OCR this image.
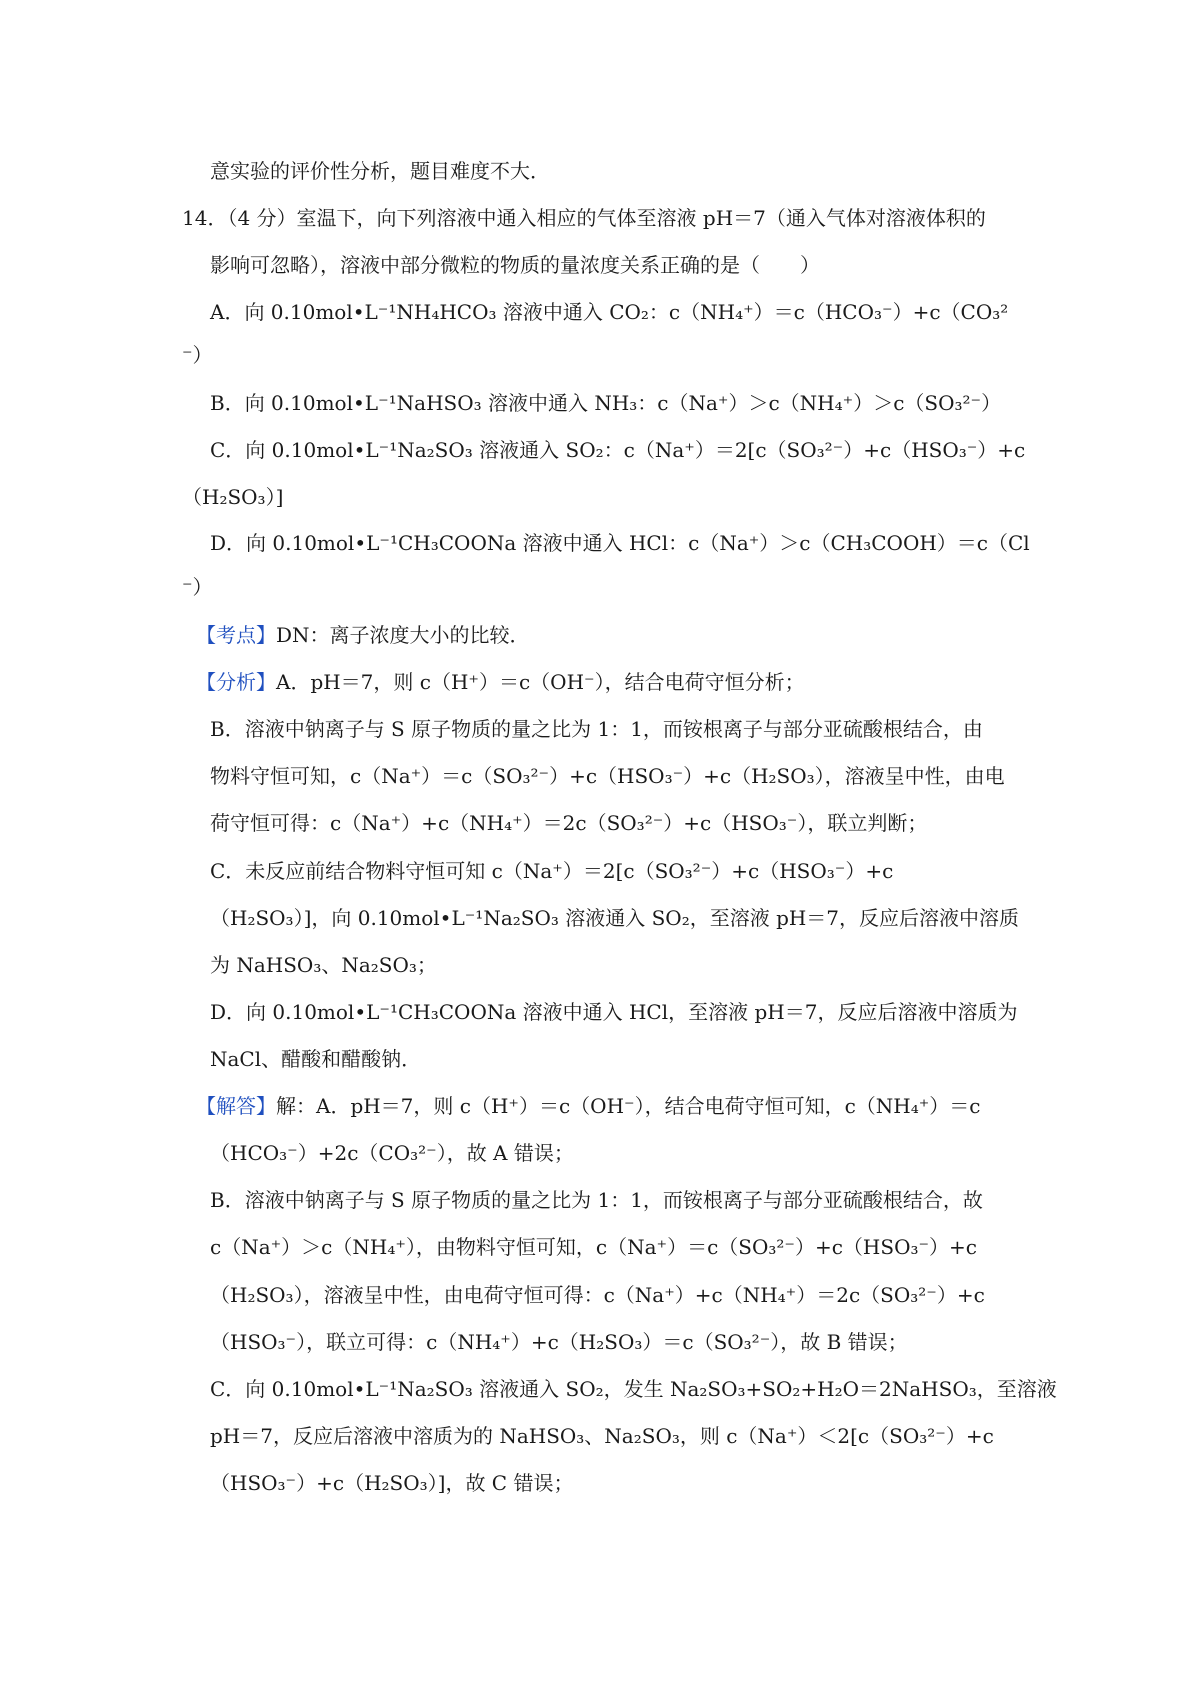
意实验的评价性分析，题目难度不大．
14．（4 分）室温下，向下列溶液中通入相应的气体至溶液 pH＝7（通入气体对溶液体积的
影响可忽略），溶液中部分微粒的物质的量浓度关系正确的是（　　）
A．向 0.10mol•L⁻¹NH₄HCO₃ 溶液中通入 CO₂：c（NH₄⁺）＝c（HCO₃⁻）+c（CO₃²
⁻）
B．向 0.10mol•L⁻¹NaHSO₃ 溶液中通入 NH₃：c（Na⁺）＞c（NH₄⁺）＞c（SO₃²⁻）
C．向 0.10mol•L⁻¹Na₂SO₃ 溶液通入 SO₂：c（Na⁺）＝2[c（SO₃²⁻）+c（HSO₃⁻）+c
（H₂SO₃）]
D．向 0.10mol•L⁻¹CH₃COONa 溶液中通入 HCl：c（Na⁺）＞c（CH₃COOH）＝c（Cl
⁻）
【考点】DN：离子浓度大小的比较．
【分析】A．pH＝7，则 c（H⁺）＝c（OH⁻），结合电荷守恒分析；
B．溶液中钠离子与 S 原子物质的量之比为 1：1，而铵根离子与部分亚硫酸根结合，由
物料守恒可知，c（Na⁺）＝c（SO₃²⁻）+c（HSO₃⁻）+c（H₂SO₃），溶液呈中性，由电
荷守恒可得：c（Na⁺）+c（NH₄⁺）＝2c（SO₃²⁻）+c（HSO₃⁻），联立判断；
C．未反应前结合物料守恒可知 c（Na⁺）＝2[c（SO₃²⁻）+c（HSO₃⁻）+c
（H₂SO₃）]，向 0.10mol•L⁻¹Na₂SO₃ 溶液通入 SO₂，至溶液 pH＝7，反应后溶液中溶质
为 NaHSO₃、Na₂SO₃；
D．向 0.10mol•L⁻¹CH₃COONa 溶液中通入 HCl，至溶液 pH＝7，反应后溶液中溶质为
NaCl、醋酸和醋酸钠．
【解答】解：A．pH＝7，则 c（H⁺）＝c（OH⁻），结合电荷守恒可知，c（NH₄⁺）＝c
（HCO₃⁻）+2c（CO₃²⁻），故 A 错误；
B．溶液中钠离子与 S 原子物质的量之比为 1：1，而铵根离子与部分亚硫酸根结合，故
c（Na⁺）＞c（NH₄⁺），由物料守恒可知，c（Na⁺）＝c（SO₃²⁻）+c（HSO₃⁻）+c
（H₂SO₃），溶液呈中性，由电荷守恒可得：c（Na⁺）+c（NH₄⁺）＝2c（SO₃²⁻）+c
（HSO₃⁻），联立可得：c（NH₄⁺）+c（H₂SO₃）＝c（SO₃²⁻），故 B 错误；
C．向 0.10mol•L⁻¹Na₂SO₃ 溶液通入 SO₂，发生 Na₂SO₃+SO₂+H₂O＝2NaHSO₃，至溶液
pH＝7，反应后溶液中溶质为的 NaHSO₃、Na₂SO₃，则 c（Na⁺）＜2[c（SO₃²⁻）+c
（HSO₃⁻）+c（H₂SO₃）]，故 C 错误；
